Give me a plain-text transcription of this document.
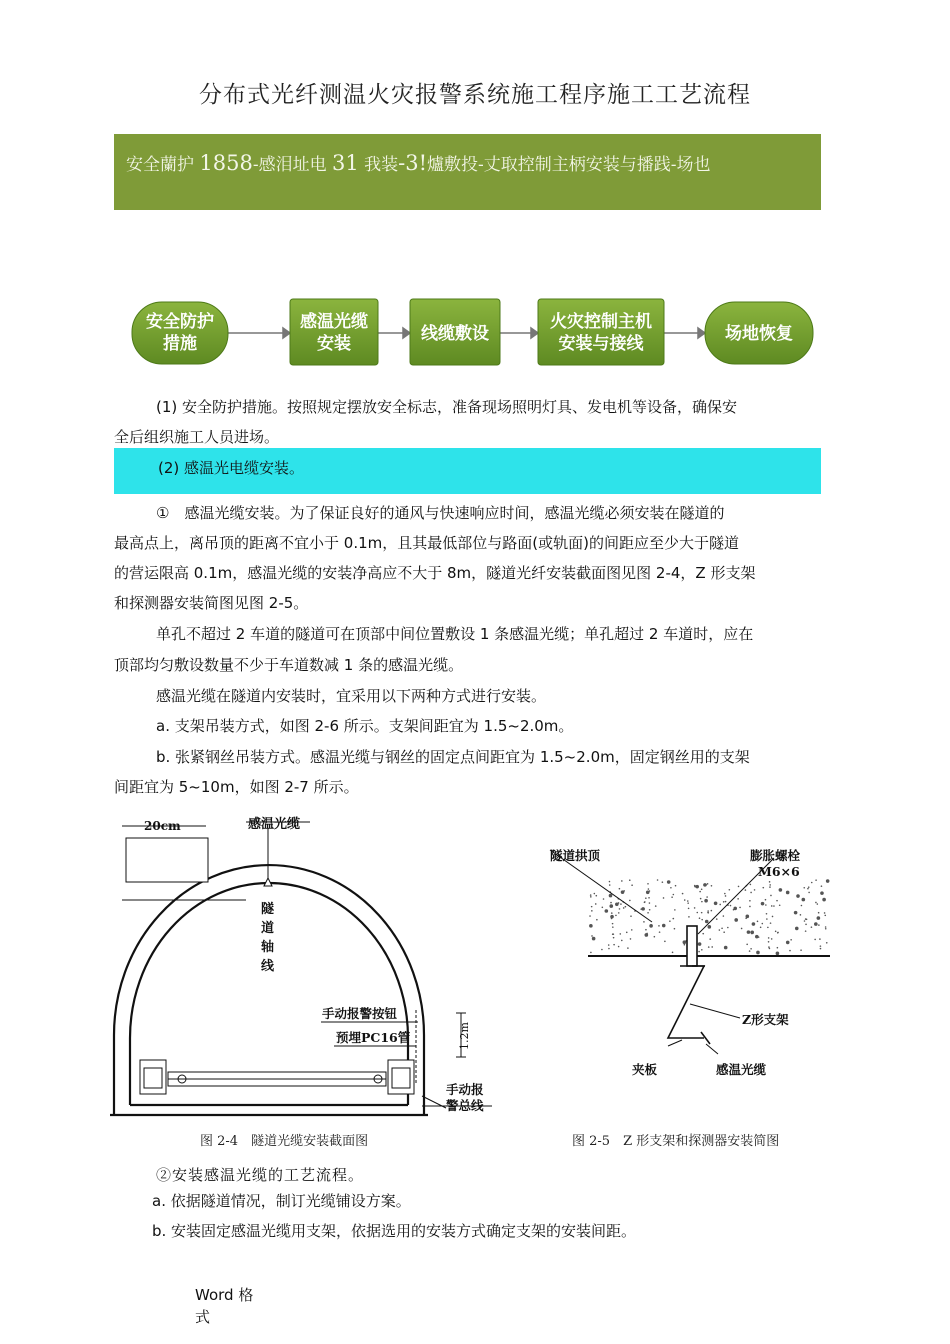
分布式光纤测温火灾报警系统施工程序施工工艺流程
安全蘭护 1858-感泪址电 31 我装-3!爐敷投-丈取控制主柄安装与播践-场也
安全防护
措施
感温光缆
安装	线缆敷设
火灾控制主机
安装与接线	场地恢复
(1) 安全防护措施。按照规定摆放安全标志，准备现场照明灯具、发电机等设备，确保安
全后组织施工人员进场。
(2) 感温光电缆安装。
①　感温光缆安装。为了保证良好的通风与快速响应时间，感温光缆必须安装在隧道的
最高点上，离吊顶的距离不宜小于 0.1m，且其最低部位与路面(或轨面)的间距应至少大于隧道
的营运限高 0.1m，感温光缆的安装净高应不大于 8m，隧道光纤安装截面图见图 2-4，Z 形支架
和探测器安装简图见图 2-5。
单孔不超过 2 车道的隧道可在顶部中间位置敷设 1 条感温光缆；单孔超过 2 车道时，应在
顶部均匀敷设数量不少于车道数减 1 条的感温光缆。
感温光缆在隧道内安装时，宜采用以下两种方式进行安装。
a. 支架吊装方式，如图 2-6 所示。支架间距宜为 1.5~2.0m。
b. 张紧钢丝吊装方式。感温光缆与钢丝的固定点间距宜为 1.5~2.0m，固定钢丝用的支架
间距宜为 5~10m，如图 2-7 所示。
20cm	感温光缆
隧 道 轴 线
手动报警按钮
预埋PC16管	1.2m
手动报
警总线
图 2-4　隧道光缆安装截面图
隧道拱顶	膨胀螺栓
M6×6
Z形支架
夹板	感温光缆
图 2-5　Z 形支架和探测器安装简图
②安装感温光缆的工艺流程。
a. 依据隧道情况，制订光缆铺设方案。
b. 安装固定感温光缆用支架，依据选用的安装方式确定支架的安装间距。
Word 格式
